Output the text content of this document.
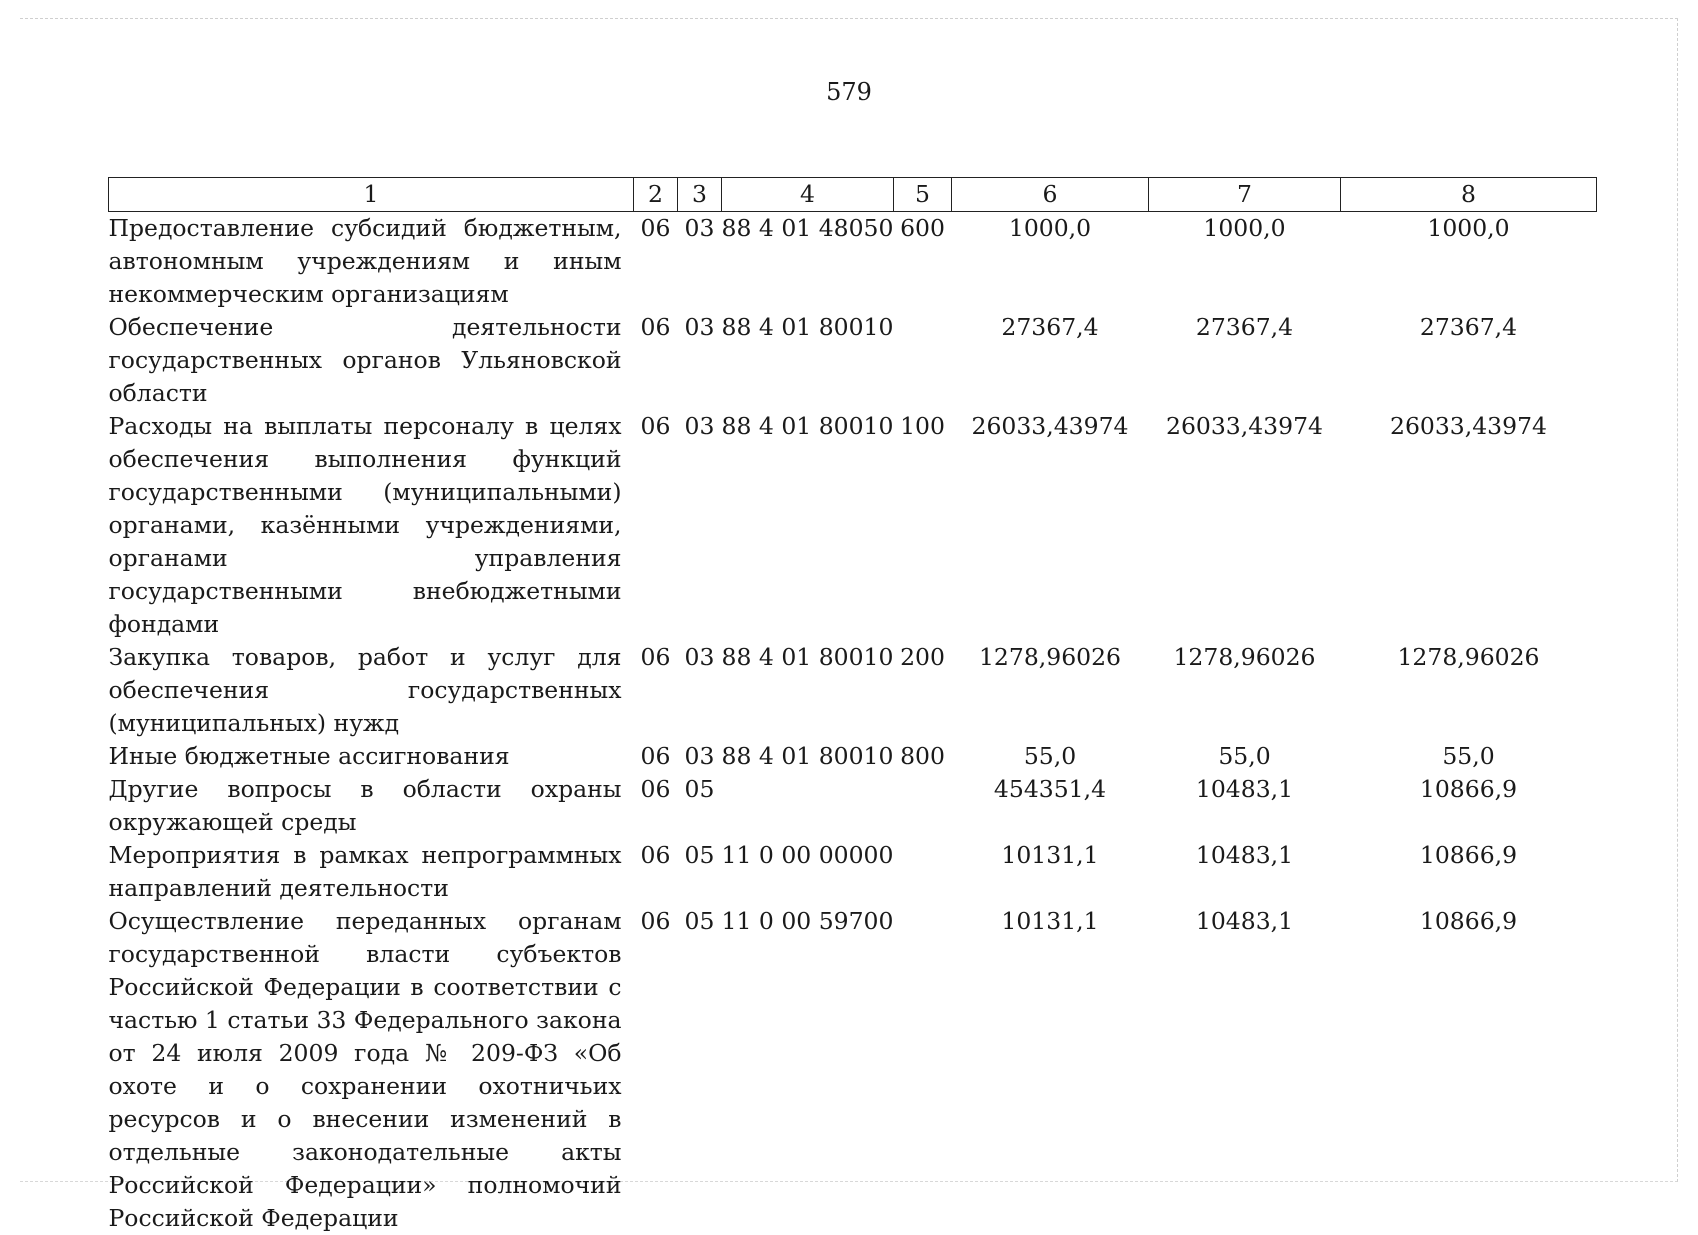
579
1	2	3	4	5	6	7	8
Предоставление субсидий бюджетным, автономным учреждениям и иным некоммерческим организациям	06	03	88 4 01 48050	600	1000,0	1000,0	1000,0
Обеспечение деятельности государственных органов Ульяновской области	06	03	88 4 01 80010		27367,4	27367,4	27367,4
Расходы на выплаты персоналу в целях обеспечения выполнения функций государственными (муниципальными) органами, казёнными учреждениями, органами управления государственными внебюджетными фондами	06	03	88 4 01 80010	100	26033,43974	26033,43974	26033,43974
Закупка товаров, работ и услуг для обеспечения государственных (муниципальных) нужд	06	03	88 4 01 80010	200	1278,96026	1278,96026	1278,96026
Иные бюджетные ассигнования	06	03	88 4 01 80010	800	55,0	55,0	55,0
Другие вопросы в области охраны окружающей среды	06	05			454351,4	10483,1	10866,9
Мероприятия в рамках непрограммных направлений деятельности	06	05	11 0 00 00000		10131,1	10483,1	10866,9
Осуществление переданных органам государственной власти субъектов Российской Федерации в соответствии с частью 1 статьи 33 Федерального закона от 24 июля 2009 года № 209-ФЗ «Об охоте и о сохранении охотничьих ресурсов и о внесении изменений в отдельные законодательные акты Российской Федерации» полномочий Российской Федерации	06	05	11 0 00 59700		10131,1	10483,1	10866,9
